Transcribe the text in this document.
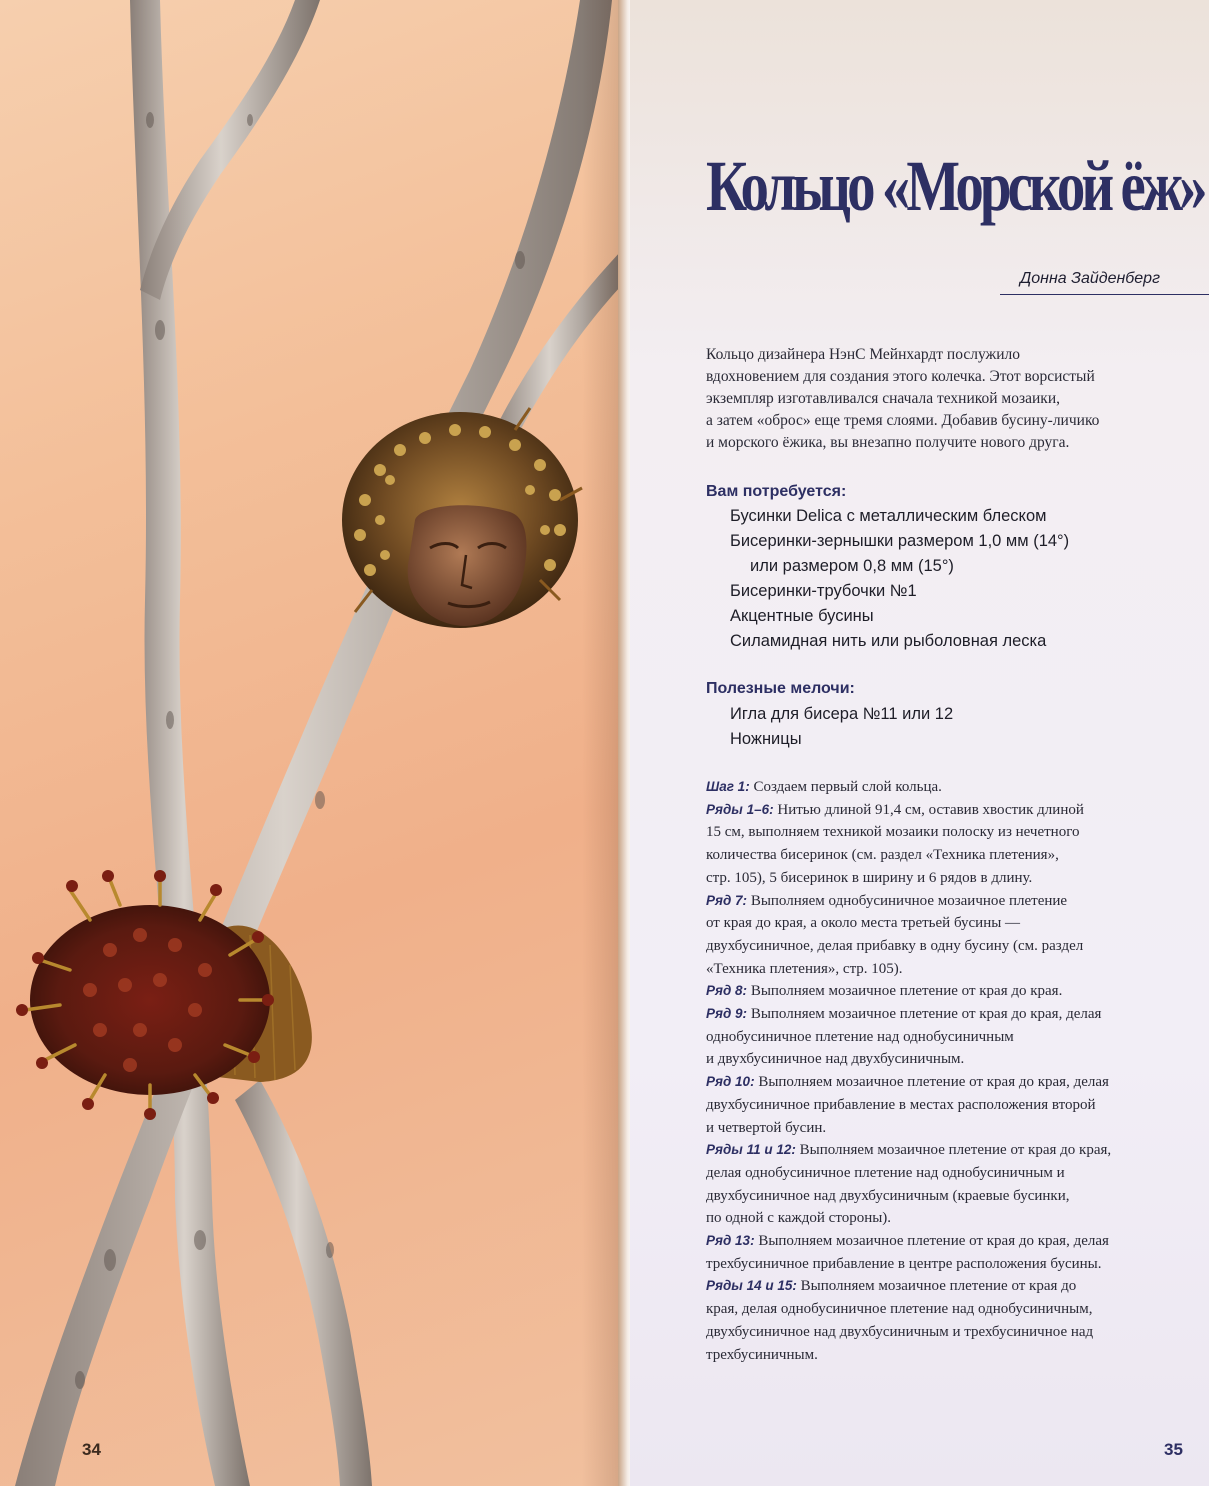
34
Кольцо «Морской ёж»
Донна Зайденберг
Кольцо дизайнера НэнС Мейнхардт послужило
вдохновением для создания этого колечка. Этот ворсистый
экземпляр изготавливался сначала техникой мозаики,
а затем «оброс» еще тремя слоями. Добавив бусину-личико
и морского ёжика, вы внезапно получите нового друга.
Вам потребуется:
Бусинки Delica с металлическим блеском
Бисеринки-зернышки размером 1,0 мм (14°)
или размером 0,8 мм (15°)
Бисеринки-трубочки №1
Акцентные бусины
Силамидная нить или рыболовная леска
Полезные мелочи:
Игла для бисера №11 или 12
Ножницы
Шаг 1: Создаем первый слой кольца.
Ряды 1–6: Нитью длиной 91,4 см, оставив хвостик длиной
15 см, выполняем техникой мозаики полоску из нечетного
количества бисеринок (см. раздел «Техника плетения»,
стр. 105), 5 бисеринок в ширину и 6 рядов в длину.
Ряд 7: Выполняем однобусиничное мозаичное плетение
от края до края, а около места третьей бусины —
двухбусиничное, делая прибавку в одну бусину (см. раздел
«Техника плетения», стр. 105).
Ряд 8: Выполняем мозаичное плетение от края до края.
Ряд 9: Выполняем мозаичное плетение от края до края, делая
однобусиничное плетение над однобусиничным
и двухбусиничное над двухбусиничным.
Ряд 10: Выполняем мозаичное плетение от края до края, делая
двухбусиничное прибавление в местах расположения второй
и четвертой бусин.
Ряды 11 и 12: Выполняем мозаичное плетение от края до края,
делая однобусиничное плетение над однобусиничным и
двухбусиничное над двухбусиничным (краевые бусинки,
по одной с каждой стороны).
Ряд 13: Выполняем мозаичное плетение от края до края, делая
трехбусиничное прибавление в центре расположения бусины.
Ряды 14 и 15: Выполняем мозаичное плетение от края до
края, делая однобусиничное плетение над однобусиничным,
двухбусиничное над двухбусиничным и трехбусиничное над
трехбусиничным.
35
